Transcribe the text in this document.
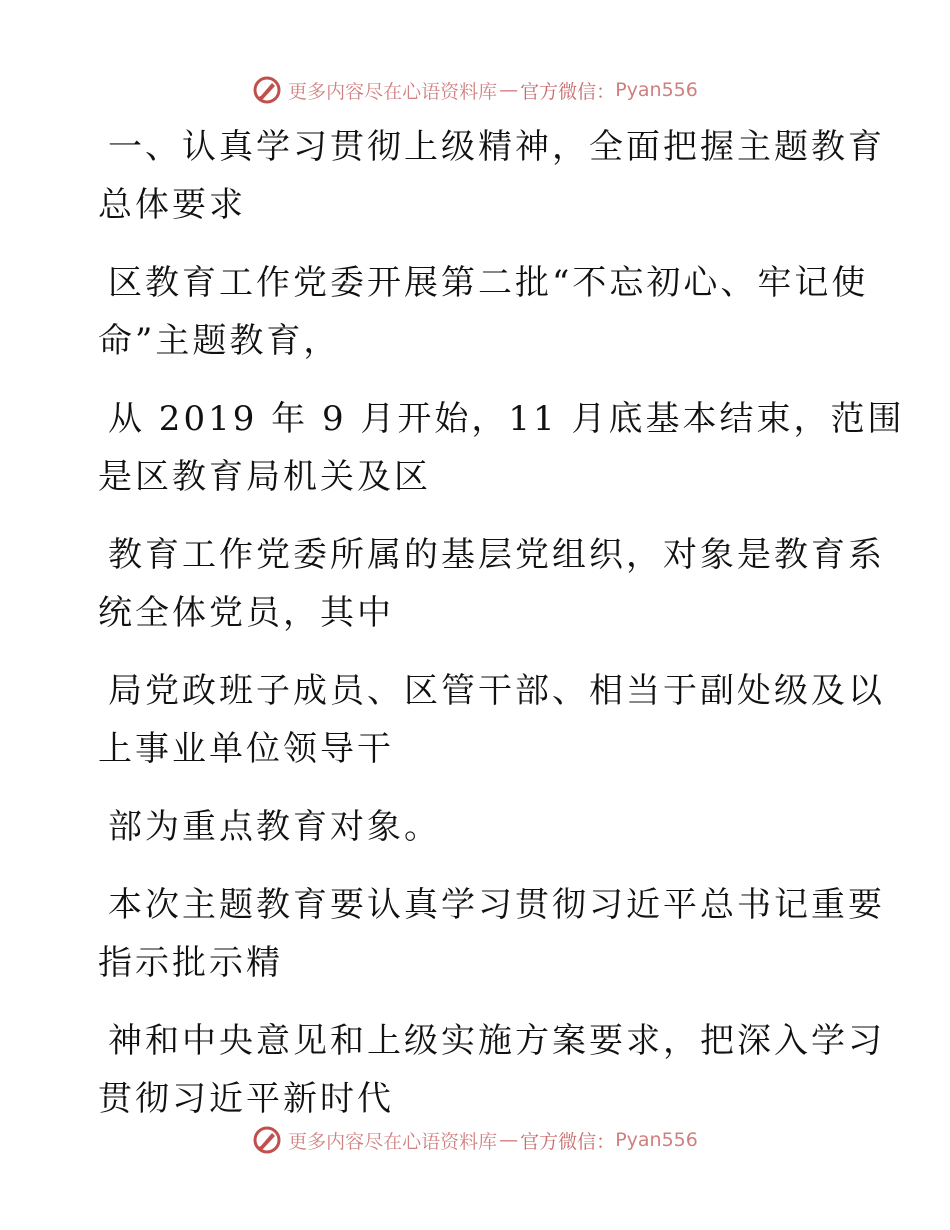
更多内容尽在心语资料库 — 官方微信： Pyan556

一、认真学习贯彻上级精神，全面把握主题教育
总体要求

区教育工作党委开展第二批“不忘初心、牢记使
命”主题教育，

从 2019 年 9 月开始，11 月底基本结束，范围
是区教育局机关及区

教育工作党委所属的基层党组织，对象是教育系
统全体党员，其中

局党政班子成员、区管干部、相当于副处级及以
上事业单位领导干

部为重点教育对象。

本次主题教育要认真学习贯彻习近平总书记重要
指示批示精

神和中央意见和上级实施方案要求，把深入学习
贯彻习近平新时代

更多内容尽在心语资料库 — 官方微信： Pyan556
